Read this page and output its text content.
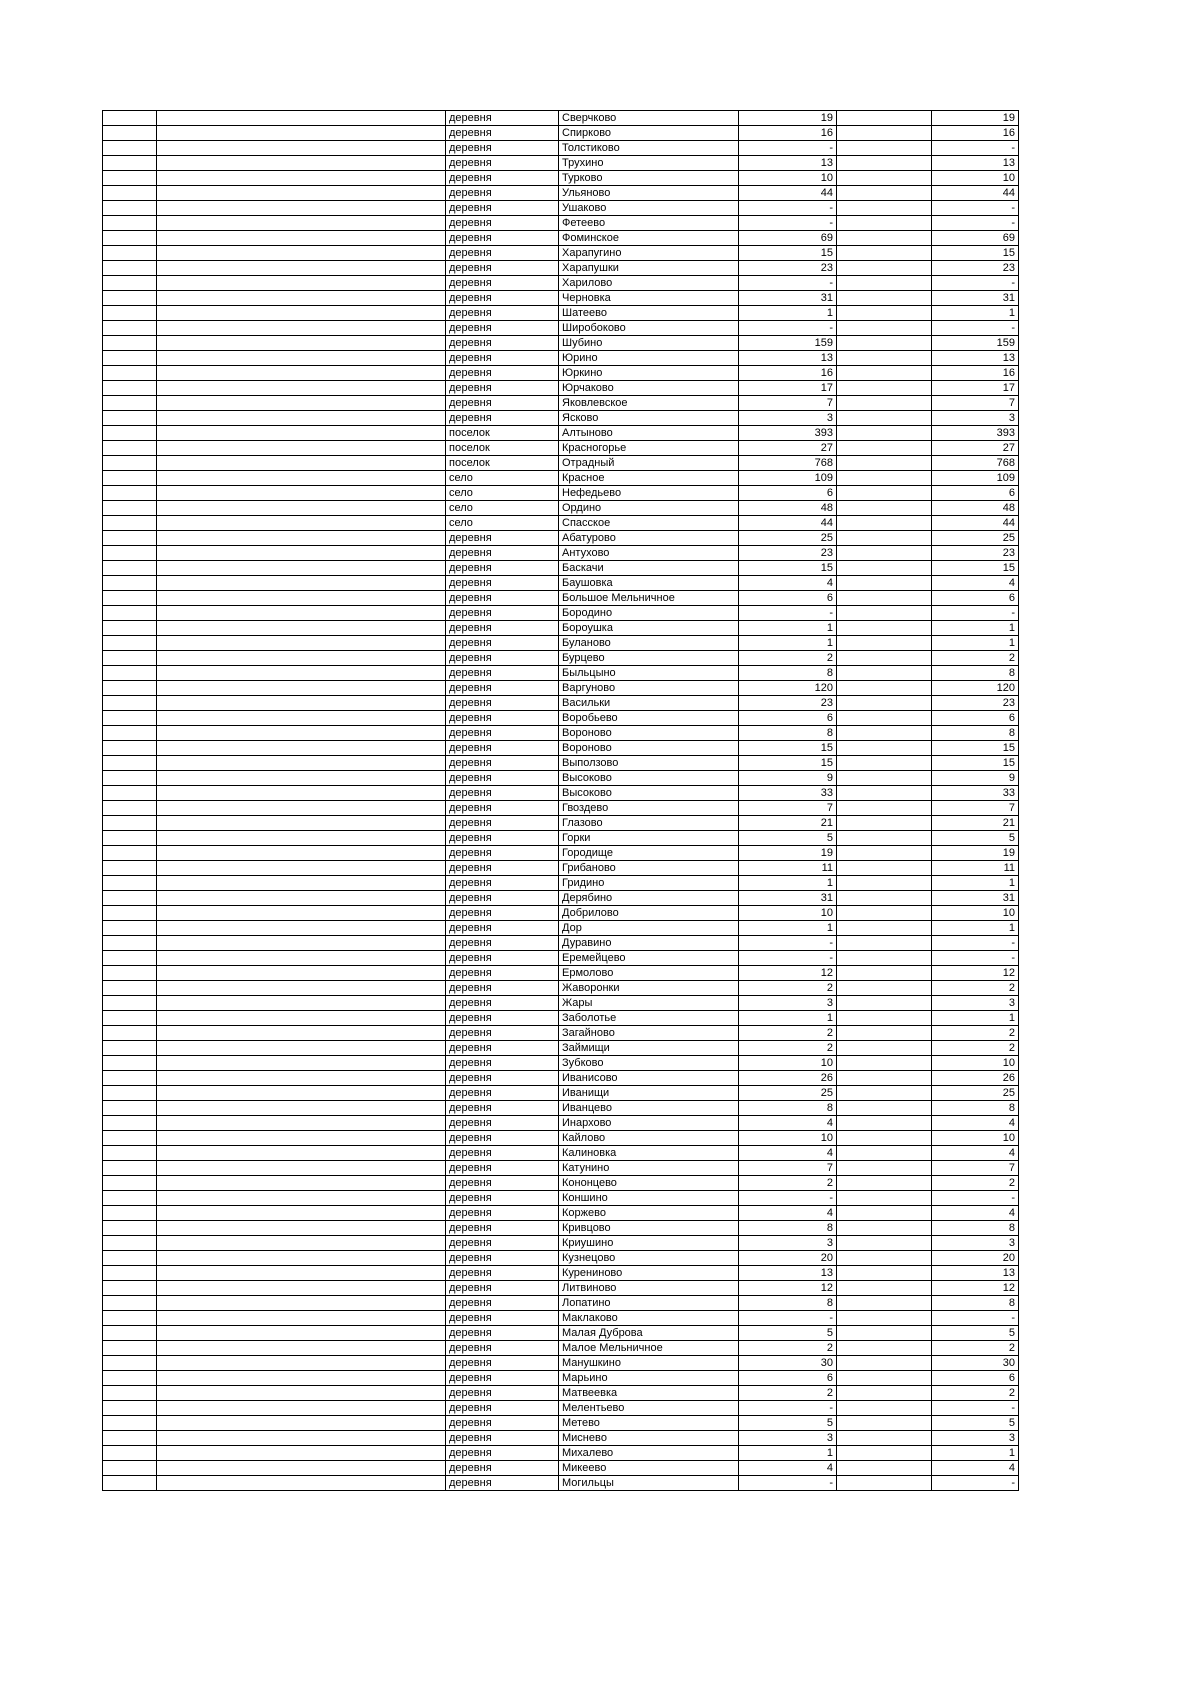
		деревня	Сверчково	19		19
		деревня	Спирково	16		16
		деревня	Толстиково	-		-
		деревня	Трухино	13		13
		деревня	Турково	10		10
		деревня	Ульяново	44		44
		деревня	Ушаково	-		-
		деревня	Фетеево	-		-
		деревня	Фоминское	69		69
		деревня	Харапугино	15		15
		деревня	Харапушки	23		23
		деревня	Харилово	-		-
		деревня	Черновка	31		31
		деревня	Шатеево	1		1
		деревня	Широбоково	-		-
		деревня	Шубино	159		159
		деревня	Юрино	13		13
		деревня	Юркино	16		16
		деревня	Юрчаково	17		17
		деревня	Яковлевское	7		7
		деревня	Ясково	3		3
		поселок	Алтыново	393		393
		поселок	Красногорье	27		27
		поселок	Отрадный	768		768
		село	Красное	109		109
		село	Нефедьево	6		6
		село	Ордино	48		48
		село	Спасское	44		44
		деревня	Абатурово	25		25
		деревня	Антухово	23		23
		деревня	Баскачи	15		15
		деревня	Баушовка	4		4
		деревня	Большое Мельничное	6		6
		деревня	Бородино	-		-
		деревня	Бороушка	1		1
		деревня	Буланово	1		1
		деревня	Бурцево	2		2
		деревня	Быльцыно	8		8
		деревня	Варгуново	120		120
		деревня	Васильки	23		23
		деревня	Воробьево	6		6
		деревня	Вороново	8		8
		деревня	Вороново	15		15
		деревня	Выползово	15		15
		деревня	Высоково	9		9
		деревня	Высоково	33		33
		деревня	Гвоздево	7		7
		деревня	Глазово	21		21
		деревня	Горки	5		5
		деревня	Городище	19		19
		деревня	Грибаново	11		11
		деревня	Гридино	1		1
		деревня	Дерябино	31		31
		деревня	Добрилово	10		10
		деревня	Дор	1		1
		деревня	Дуравино	-		-
		деревня	Еремейцево	-		-
		деревня	Ермолово	12		12
		деревня	Жаворонки	2		2
		деревня	Жары	3		3
		деревня	Заболотье	1		1
		деревня	Загайново	2		2
		деревня	Займищи	2		2
		деревня	Зубково	10		10
		деревня	Иванисово	26		26
		деревня	Иванищи	25		25
		деревня	Иванцево	8		8
		деревня	Инархово	4		4
		деревня	Кайлово	10		10
		деревня	Калиновка	4		4
		деревня	Катунино	7		7
		деревня	Кононцево	2		2
		деревня	Коншино	-		-
		деревня	Коржево	4		4
		деревня	Кривцово	8		8
		деревня	Криушино	3		3
		деревня	Кузнецово	20		20
		деревня	Курениново	13		13
		деревня	Литвиново	12		12
		деревня	Лопатино	8		8
		деревня	Маклаково	-		-
		деревня	Малая Дуброва	5		5
		деревня	Малое Мельничное	2		2
		деревня	Манушкино	30		30
		деревня	Марьино	6		6
		деревня	Матвеевка	2		2
		деревня	Мелентьево	-		-
		деревня	Метево	5		5
		деревня	Мисневo	3		3
		деревня	Михалево	1		1
		деревня	Микеево	4		4
		деревня	Могильцы	-		-
